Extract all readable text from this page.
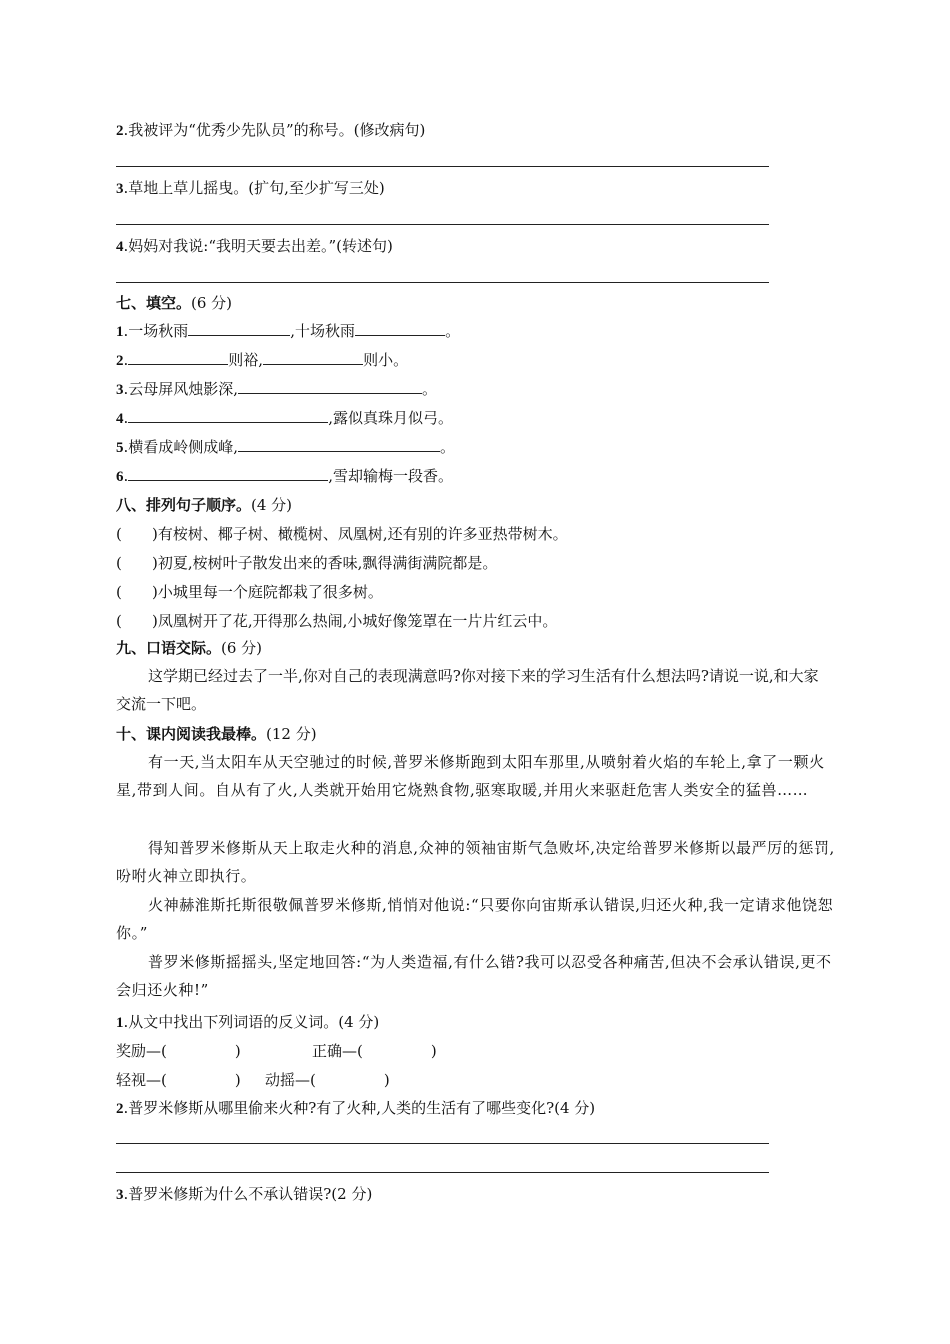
2.我被评为“优秀少先队员”的称号。(修改病句)
3.草地上草儿摇曳。(扩句,至少扩写三处)
4.妈妈对我说:“我明天要去出差。”(转述句)
七、填空。(6 分)
1.一场秋雨	,十场秋雨	。
2.	则裕,	则小。
3.云母屏风烛影深,	。
4.	,露似真珠月似弓。
5.横看成岭侧成峰,	。
6.	,雪却输梅一段香。
八、排列句子顺序。(4 分)
( )有桉树、椰子树、橄榄树、凤凰树,还有别的许多亚热带树木。
( )初夏,桉树叶子散发出来的香味,飘得满街满院都是。
( )小城里每一个庭院都栽了很多树。
( )凤凰树开了花,开得那么热闹,小城好像笼罩在一片片红云中。
九、口语交际。(6 分)
这学期已经过去了一半,你对自己的表现满意吗?你对接下来的学习生活有什么想法吗?请说一说,和大家交流一下吧。
十、课内阅读我最棒。(12 分)
有一天,当太阳车从天空驰过的时候,普罗米修斯跑到太阳车那里,从喷射着火焰的车轮上,拿了一颗火星,带到人间。自从有了火,人类就开始用它烧熟食物,驱寒取暖,并用火来驱赶危害人类安全的猛兽……
得知普罗米修斯从天上取走火种的消息,众神的领袖宙斯气急败坏,决定给普罗米修斯以最严厉的惩罚,吩咐火神立即执行。
火神赫淮斯托斯很敬佩普罗米修斯,悄悄对他说:“只要你向宙斯承认错误,归还火种,我一定请求他饶恕你。”
普罗米修斯摇摇头,坚定地回答:“为人类造福,有什么错?我可以忍受各种痛苦,但决不会承认错误,更不会归还火种!”
1.从文中找出下列词语的反义词。(4 分)
奖励—(	)	正确—(	)
轻视—(	) 动摇—(	)
2.普罗米修斯从哪里偷来火种?有了火种,人类的生活有了哪些变化?(4 分)
3.普罗米修斯为什么不承认错误?(2 分)
